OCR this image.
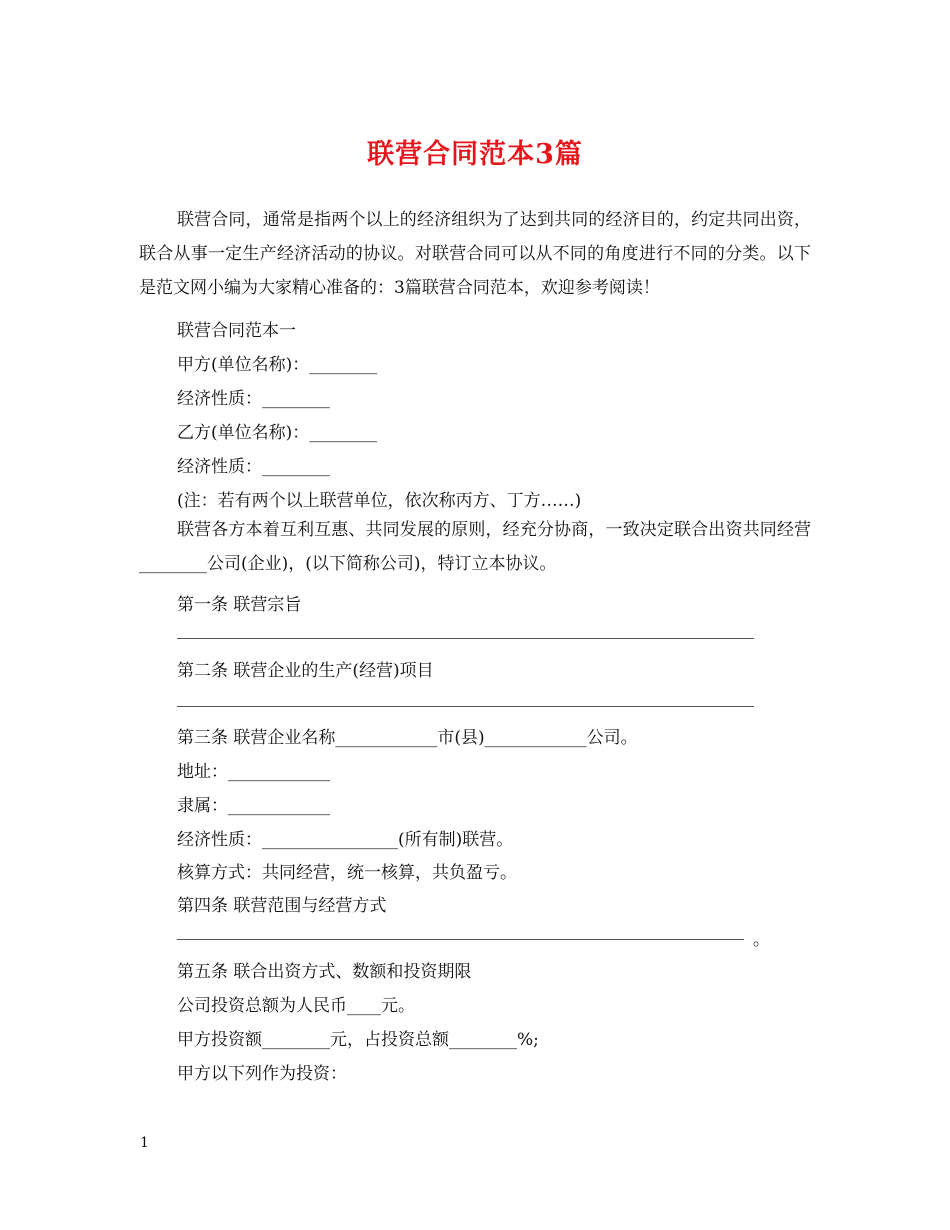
联营合同范本3篇
联营合同，通常是指两个以上的经济组织为了达到共同的经济目的，约定共同出资，联合从事一定生产经济活动的协议。对联营合同可以从不同的角度进行不同的分类。以下是范文网小编为大家精心准备的：3篇联营合同范本，欢迎参考阅读！
联营合同范本一
甲方(单位名称)：________
经济性质：________
乙方(单位名称)：________
经济性质：________
(注：若有两个以上联营单位，依次称丙方、丁方……)
联营各方本着互利互惠、共同发展的原则，经充分协商，一致决定联合出资共同经营________公司(企业)，(以下简称公司)，特订立本协议。
第一条 联营宗旨
第二条 联营企业的生产(经营)项目
第三条 联营企业名称____________市(县)____________公司。
地址：____________
隶属：____________
经济性质：________________(所有制)联营。
核算方式：共同经营，统一核算，共负盈亏。
第四条 联营范围与经营方式
。
第五条 联合出资方式、数额和投资期限
公司投资总额为人民币____元。
甲方投资额________元，占投资总额________%;
甲方以下列作为投资：
1
